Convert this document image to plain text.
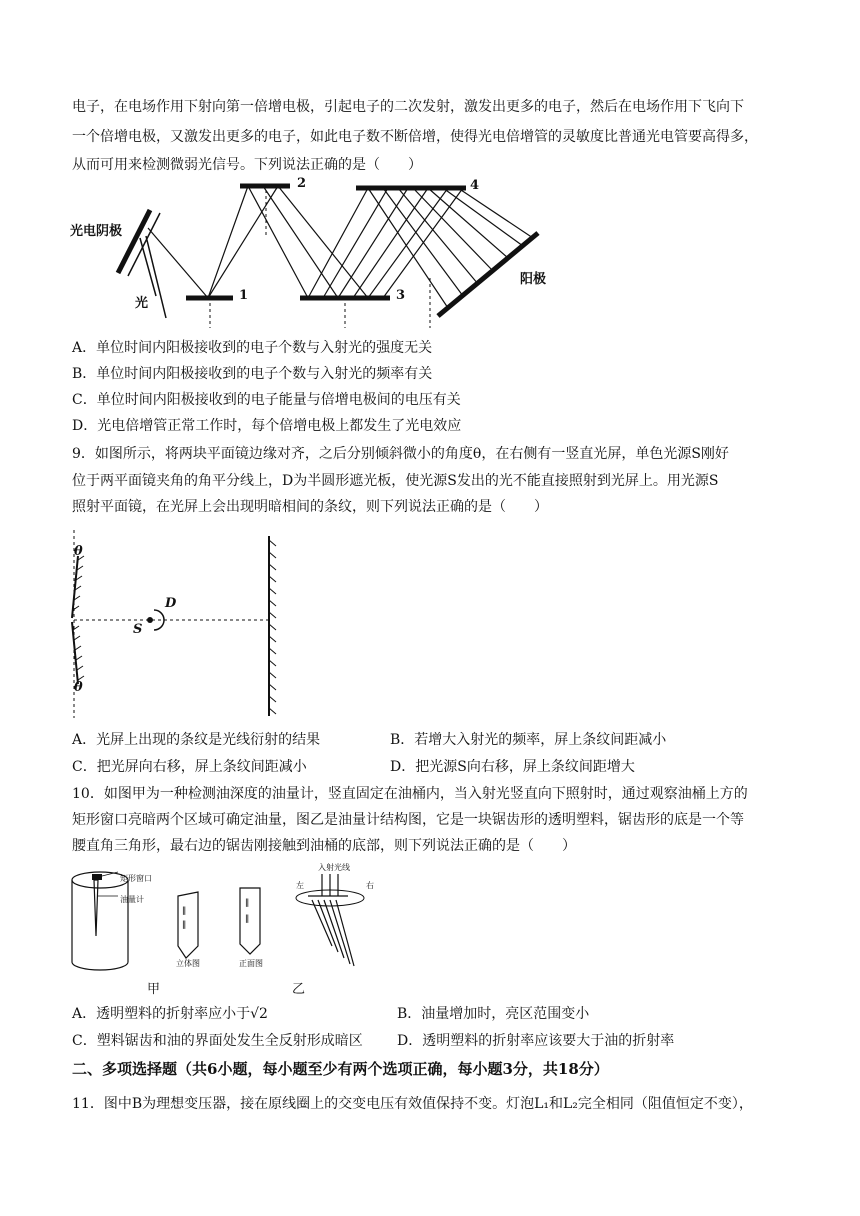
电子，在电场作用下射向第一倍增电极，引起电子的二次发射，激发出更多的电子，然后在电场作用下飞向下
一个倍增电极，又激发出更多的电子，如此电子数不断倍增，使得光电倍增管的灵敏度比普通光电管要高得多，
从而可用来检测微弱光信号。下列说法正确的是（　　）
光电阴极
光
阳极
1
2
3
4
A．单位时间内阳极接收到的电子个数与入射光的强度无关
B．单位时间内阳极接收到的电子个数与入射光的频率有关
C．单位时间内阳极接收到的电子能量与倍增电极间的电压有关
D．光电倍增管正常工作时，每个倍增电极上都发生了光电效应
9．如图所示，将两块平面镜边缘对齐，之后分别倾斜微小的角度θ，在右侧有一竖直光屏，单色光源S刚好
位于两平面镜夹角的角平分线上，D为半圆形遮光板，使光源S发出的光不能直接照射到光屏上。用光源S
照射平面镜，在光屏上会出现明暗相间的条纹，则下列说法正确的是（　　）
θ
θ
D
S
A．光屏上出现的条纹是光线衍射的结果	B．若增大入射光的频率，屏上条纹间距减小
C．把光屏向右移，屏上条纹间距减小	D．把光源S向右移，屏上条纹间距增大
10．如图甲为一种检测油深度的油量计，竖直固定在油桶内，当入射光竖直向下照射时，通过观察油桶上方的
矩形窗口亮暗两个区域可确定油量，图乙是油量计结构图，它是一块锯齿形的透明塑料，锯齿形的底是一个等
腰直角三角形，最右边的锯齿刚接触到油桶的底部，则下列说法正确的是（　　）
∥
∥
∥
∥
矩形窗口
油量计
立体图	正面图
入射光线
左	右
甲	乙
A．透明塑料的折射率应小于√2	B．油量增加时，亮区范围变小
C．塑料锯齿和油的界面处发生全反射形成暗区 D．透明塑料的折射率应该要大于油的折射率
二、多项选择题（共6小题，每小题至少有两个选项正确，每小题3分，共18分）
11．图中B为理想变压器，接在原线圈上的交变电压有效值保持不变。灯泡L₁和L₂完全相同（阻值恒定不变），
